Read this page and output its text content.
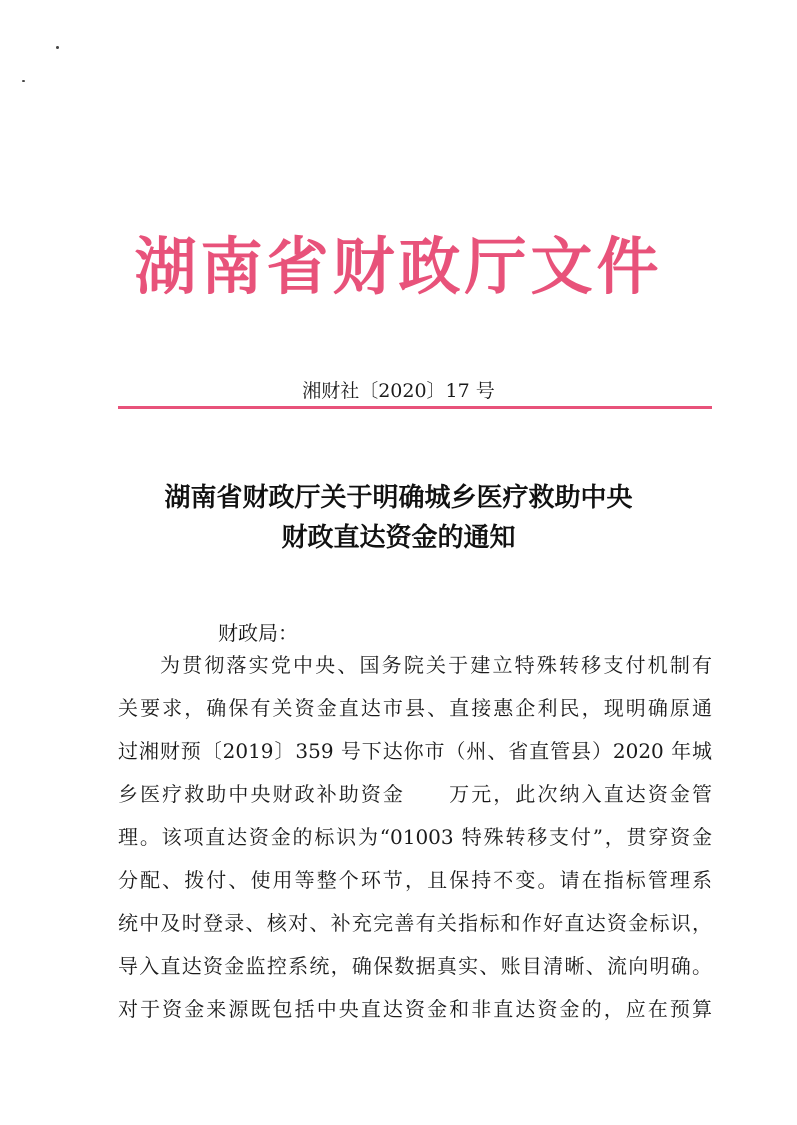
湖南省财政厅文件
湘财社〔2020〕17 号
湖南省财政厅关于明确城乡医疗救助中央
财政直达资金的通知
财政局：
为贯彻落实党中央、国务院关于建立特殊转移支付机制有
关要求，确保有关资金直达市县、直接惠企利民，现明确原通
过湘财预〔2019〕359 号下达你市（州、省直管县）2020 年城
乡医疗救助中央财政补助资金　　万元，此次纳入直达资金管
理。该项直达资金的标识为“01003 特殊转移支付”，贯穿资金
分配、拨付、使用等整个环节，且保持不变。请在指标管理系
统中及时登录、核对、补充完善有关指标和作好直达资金标识，
导入直达资金监控系统，确保数据真实、账目清晰、流向明确。
对于资金来源既包括中央直达资金和非直达资金的，应在预算
